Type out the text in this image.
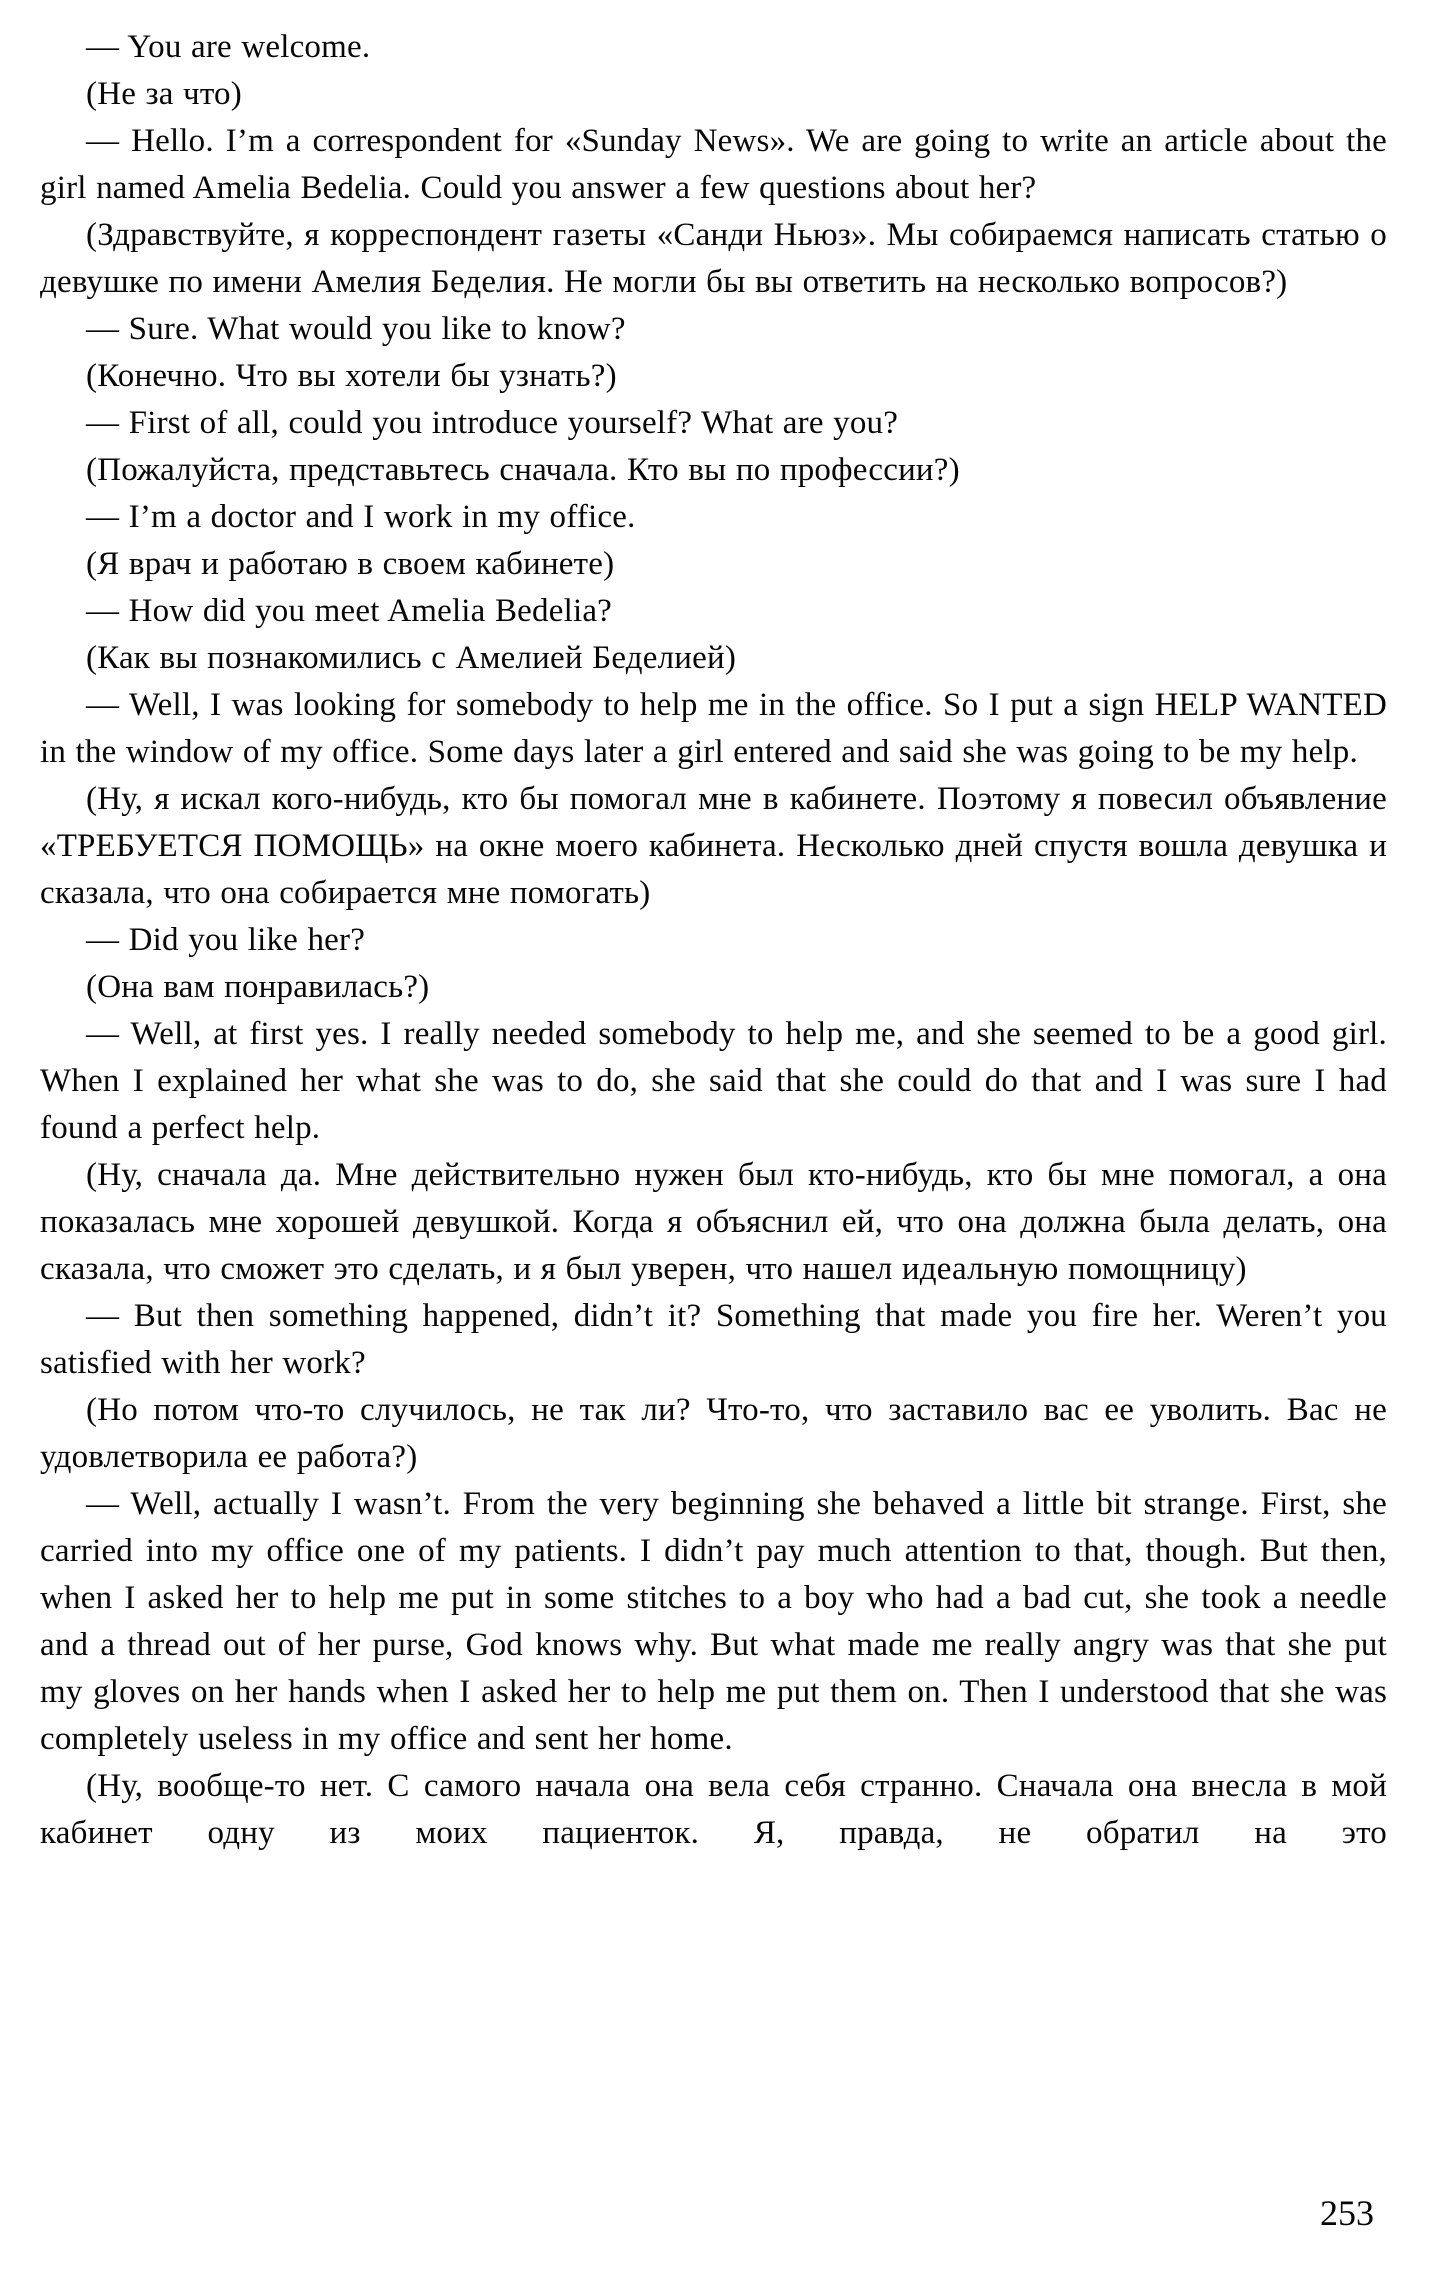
— You are welcome.

(Не за что)

— Hello. I’m a correspondent for «Sunday News». We are going to write an article about the girl named Amelia Bedelia. Could you answer a few questions about her?

(Здравствуйте, я корреспондент газеты «Санди Ньюз». Мы собираемся написать статью о девушке по имени Амелия Беделия. Не могли бы вы ответить на несколько вопросов?)

— Sure. What would you like to know?

(Конечно. Что вы хотели бы узнать?)

— First of all, could you introduce yourself? What are you?

(Пожалуйста, представьтесь сначала. Кто вы по профессии?)

— I’m a doctor and I work in my office.

(Я врач и работаю в своем кабинете)

— How did you meet Amelia Bedelia?

(Как вы познакомились с Амелией Беделией)

— Well, I was looking for somebody to help me in the office. So I put a sign HELP WANTED in the window of my office. Some days later a girl entered and said she was going to be my help.

(Ну, я искал кого-нибудь, кто бы помогал мне в кабинете. Поэтому я повесил объявление «ТРЕБУЕТСЯ ПОМОЩЬ» на окне моего кабинета. Несколько дней спустя вошла девушка и сказала, что она собирается мне помогать)

— Did you like her?

(Она вам понравилась?)

— Well, at first yes. I really needed somebody to help me, and she seemed to be a good girl. When I explained her what she was to do, she said that she could do that and I was sure I had found a perfect help.

(Ну, сначала да. Мне действительно нужен был кто-нибудь, кто бы мне помогал, а она показалась мне хорошей девушкой. Когда я объяснил ей, что она должна была делать, она сказала, что сможет это сделать, и я был уверен, что нашел идеальную помощницу)

— But then something happened, didn’t it? Something that made you fire her. Weren’t you satisfied with her work?

(Но потом что-то случилось, не так ли? Что-то, что заставило вас ее уволить. Вас не удовлетворила ее работа?)

— Well, actually I wasn’t. From the very beginning she behaved a little bit strange. First, she carried into my office one of my patients. I didn’t pay much attention to that, though. But then, when I asked her to help me put in some stitches to a boy who had a bad cut, she took a needle and a thread out of her purse, God knows why. But what made me really angry was that she put my gloves on her hands when I asked her to help me put them on. Then I understood that she was completely useless in my office and sent her home.

(Ну, вообще-то нет. С самого начала она вела себя странно. Сначала она внесла в мой кабинет одну из моих пациенток. Я, правда, не обратил на это

253
